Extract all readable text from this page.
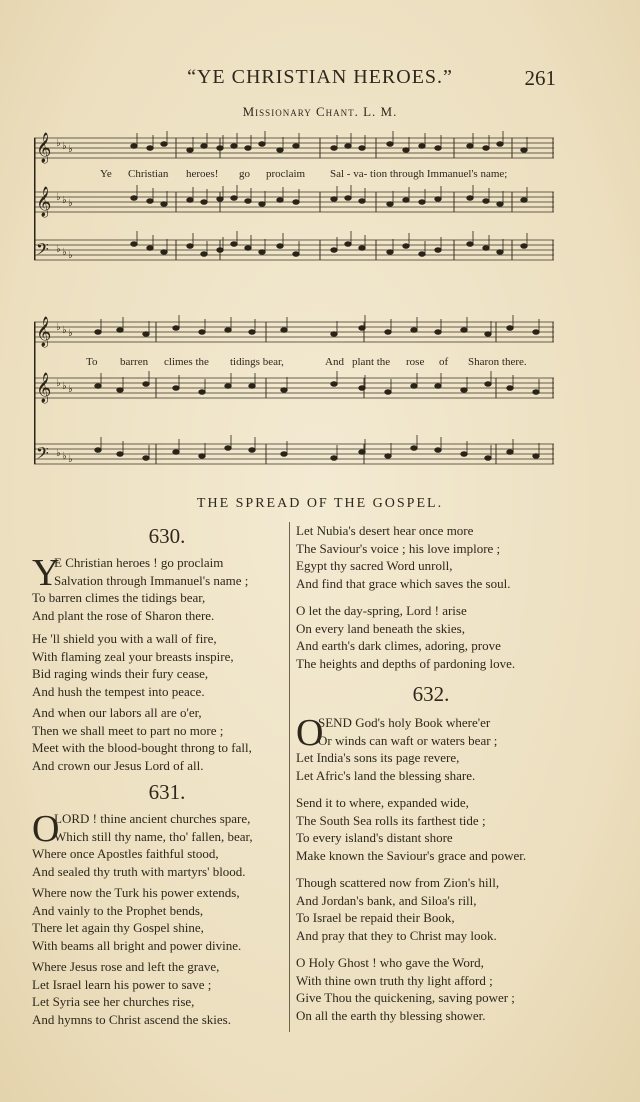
“YE CHRISTIAN HEROES.”	261
Missionary Chant. L. M.
𝄞 ♭ ♭ ♭
𝄞 ♭ ♭ ♭
𝄢 ♭ ♭ ♭
Ye Christian heroes! go proclaim Sal - va- tion through Immanuel's name;
𝄞 ♭ ♭ ♭
𝄞 ♭ ♭ ♭
𝄢 ♭ ♭ ♭
To barren climes the tidings bear,	And plant the rose of Sharon there.
THE SPREAD OF THE GOSPEL.
630.
Y
E Christian heroes ! go proclaim
Salvation through Immanuel's name ;
To barren climes the tidings bear,
And plant the rose of Sharon there.
He 'll shield you with a wall of fire,
With flaming zeal your breasts inspire,
Bid raging winds their fury cease,
And hush the tempest into peace.
And when our labors all are o'er,
Then we shall meet to part no more ;
Meet with the blood-bought throng to fall,
And crown our Jesus Lord of all.
631.
O
LORD ! thine ancient churches spare,
Which still thy name, tho' fallen, bear,
Where once Apostles faithful stood,
And sealed thy truth with martyrs' blood.
Where now the Turk his power extends,
And vainly to the Prophet bends,
There let again thy Gospel shine,
With beams all bright and power divine.
Where Jesus rose and left the grave,
Let Israel learn his power to save ;
Let Syria see her churches rise,
And hymns to Christ ascend the skies.
Let Nubia's desert hear once more
The Saviour's voice ; his love implore ;
Egypt thy sacred Word unroll,
And find that grace which saves the soul.
O let the day-spring, Lord ! arise
On every land beneath the skies,
And earth's dark climes, adoring, prove
The heights and depths of pardoning love.
632.
O
SEND God's holy Book where'er
Or winds can waft or waters bear ;
Let India's sons its page revere,
Let Afric's land the blessing share.
Send it to where, expanded wide,
The South Sea rolls its farthest tide ;
To every island's distant shore
Make known the Saviour's grace and power.
Though scattered now from Zion's hill,
And Jordan's bank, and Siloa's rill,
To Israel be repaid their Book,
And pray that they to Christ may look.
O Holy Ghost ! who gave the Word,
With thine own truth thy light afford ;
Give Thou the quickening, saving power ;
On all the earth thy blessing shower.
